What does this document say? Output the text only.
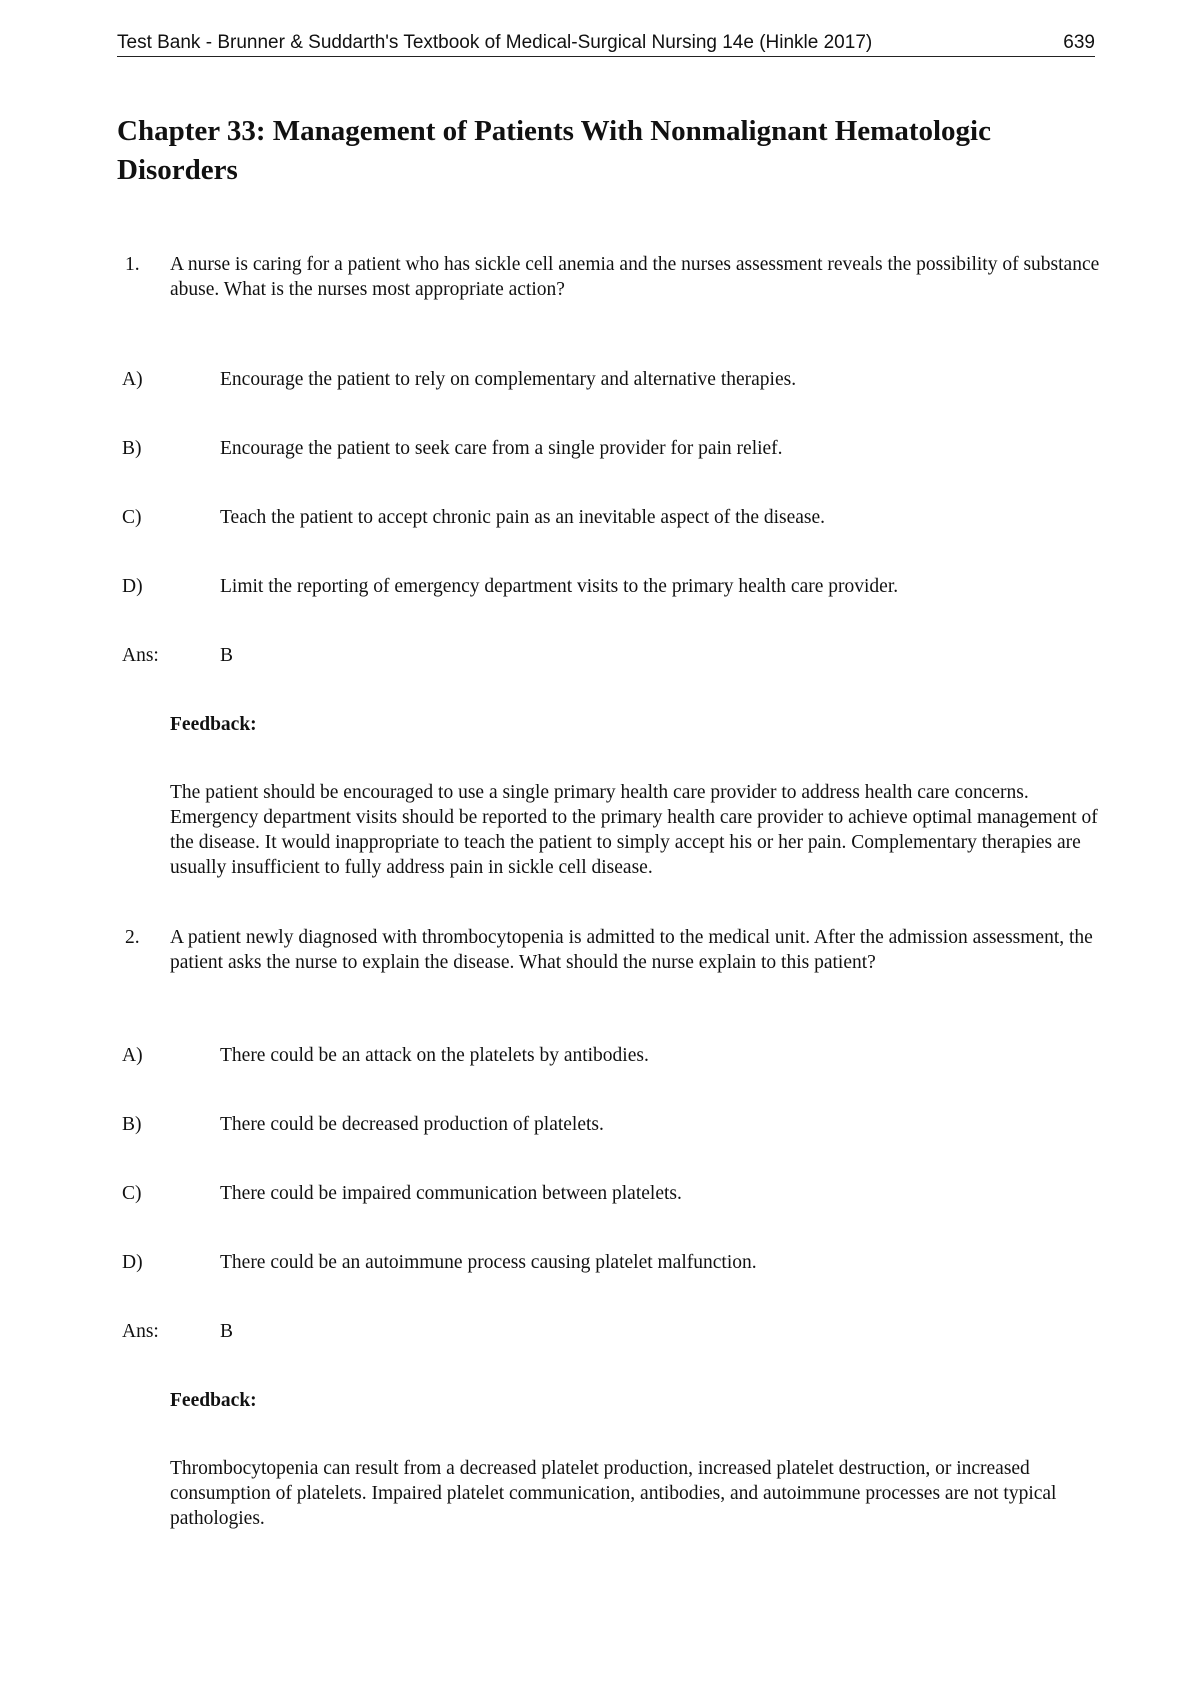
Test Bank - Brunner & Suddarth's Textbook of Medical-Surgical Nursing 14e (Hinkle 2017)	639
Chapter 33: Management of Patients With Nonmalignant Hematologic Disorders
1. A nurse is caring for a patient who has sickle cell anemia and the nurses assessment reveals the possibility of substance abuse. What is the nurses most appropriate action?
A)	Encourage the patient to rely on complementary and alternative therapies.
B)	Encourage the patient to seek care from a single provider for pain relief.
C)	Teach the patient to accept chronic pain as an inevitable aspect of the disease.
D)	Limit the reporting of emergency department visits to the primary health care provider.
Ans:	B
Feedback:
The patient should be encouraged to use a single primary health care provider to address health care concerns. Emergency department visits should be reported to the primary health care provider to achieve optimal management of the disease. It would inappropriate to teach the patient to simply accept his or her pain. Complementary therapies are usually insufficient to fully address pain in sickle cell disease.
2. A patient newly diagnosed with thrombocytopenia is admitted to the medical unit. After the admission assessment, the patient asks the nurse to explain the disease. What should the nurse explain to this patient?
A)	There could be an attack on the platelets by antibodies.
B)	There could be decreased production of platelets.
C)	There could be impaired communication between platelets.
D)	There could be an autoimmune process causing platelet malfunction.
Ans:	B
Feedback:
Thrombocytopenia can result from a decreased platelet production, increased platelet destruction, or increased consumption of platelets. Impaired platelet communication, antibodies, and autoimmune processes are not typical pathologies.
